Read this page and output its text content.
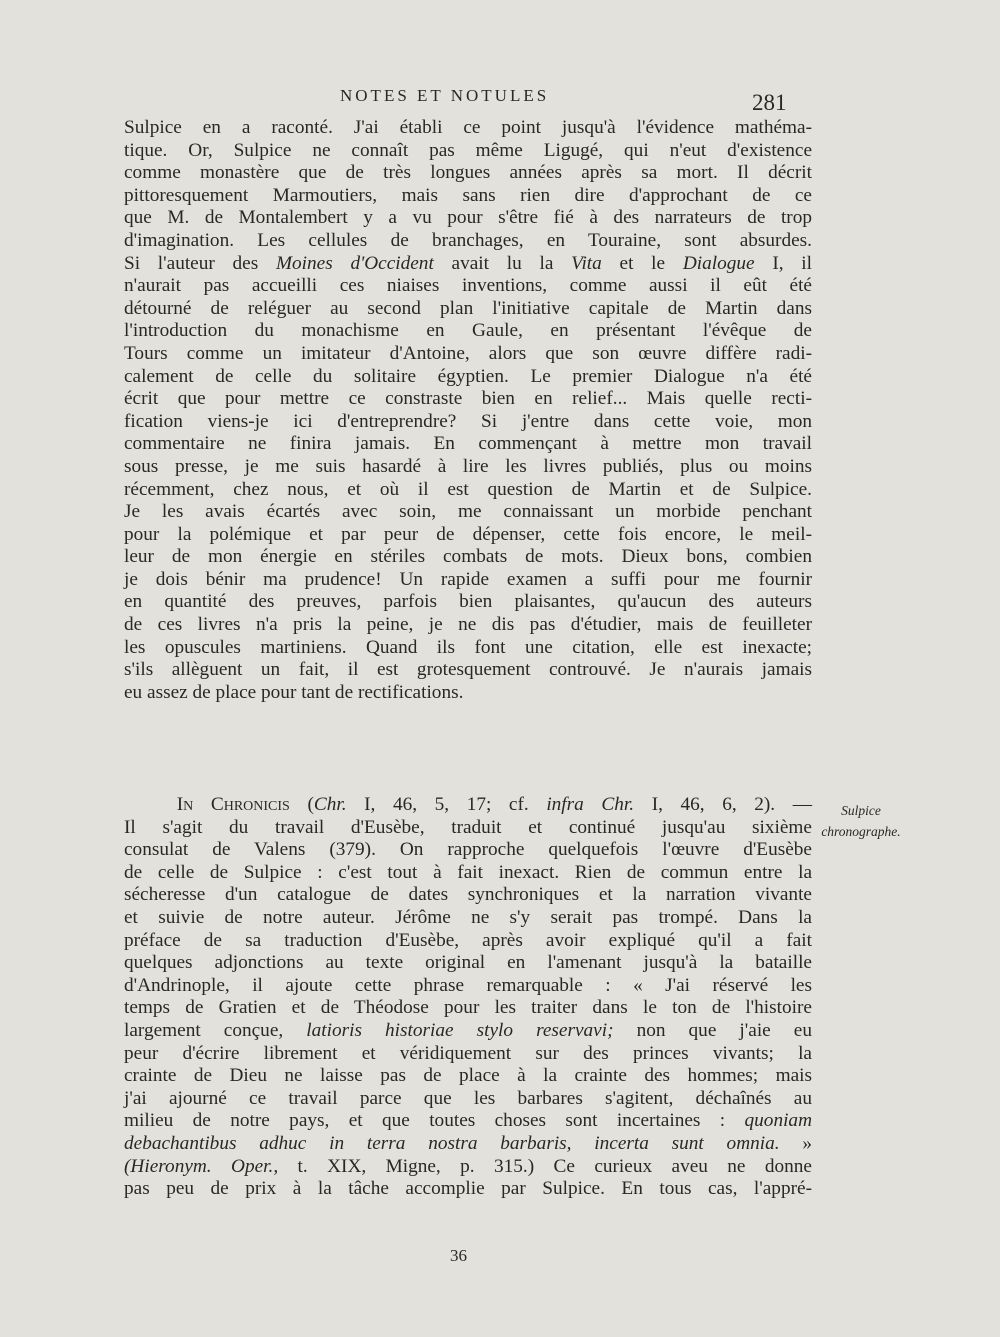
NOTES ET NOTULES	281
Sulpice en a raconté. J'ai établi ce point jusqu'à l'évidence mathéma-
tique. Or, Sulpice ne connaît pas même Ligugé, qui n'eut d'existence
comme monastère que de très longues années après sa mort. Il décrit
pittoresquement Marmoutiers, mais sans rien dire d'approchant de ce
que M. de Montalembert y a vu pour s'être fié à des narrateurs de trop
d'imagination. Les cellules de branchages, en Touraine, sont absurdes.
Si l'auteur des Moines d'Occident avait lu la Vita et le Dialogue I, il
n'aurait pas accueilli ces niaises inventions, comme aussi il eût été
détourné de reléguer au second plan l'initiative capitale de Martin dans
l'introduction du monachisme en Gaule, en présentant l'évêque de
Tours comme un imitateur d'Antoine, alors que son œuvre diffère radi-
calement de celle du solitaire égyptien. Le premier Dialogue n'a été
écrit que pour mettre ce constraste bien en relief... Mais quelle recti-
fication viens-je ici d'entreprendre? Si j'entre dans cette voie, mon
commentaire ne finira jamais. En commençant à mettre mon travail
sous presse, je me suis hasardé à lire les livres publiés, plus ou moins
récemment, chez nous, et où il est question de Martin et de Sulpice.
Je les avais écartés avec soin, me connaissant un morbide penchant
pour la polémique et par peur de dépenser, cette fois encore, le meil-
leur de mon énergie en stériles combats de mots. Dieux bons, combien
je dois bénir ma prudence! Un rapide examen a suffi pour me fournir
en quantité des preuves, parfois bien plaisantes, qu'aucun des auteurs
de ces livres n'a pris la peine, je ne dis pas d'étudier, mais de feuilleter
les opuscules martiniens. Quand ils font une citation, elle est inexacte;
s'ils allèguent un fait, il est grotesquement controuvé. Je n'aurais jamais
eu assez de place pour tant de rectifications.
In Chronicis (Chr. I, 46, 5, 17; cf. infra Chr. I, 46, 6, 2). —
Il s'agit du travail d'Eusèbe, traduit et continué jusqu'au sixième
consulat de Valens (379). On rapproche quelquefois l'œuvre d'Eusèbe
de celle de Sulpice : c'est tout à fait inexact. Rien de commun entre la
sécheresse d'un catalogue de dates synchroniques et la narration vivante
et suivie de notre auteur. Jérôme ne s'y serait pas trompé. Dans la
préface de sa traduction d'Eusèbe, après avoir expliqué qu'il a fait
quelques adjonctions au texte original en l'amenant jusqu'à la bataille
d'Andrinople, il ajoute cette phrase remarquable : « J'ai réservé les
temps de Gratien et de Théodose pour les traiter dans le ton de l'histoire
largement conçue, latioris historiae stylo reservavi; non que j'aie eu
peur d'écrire librement et véridiquement sur des princes vivants; la
crainte de Dieu ne laisse pas de place à la crainte des hommes; mais
j'ai ajourné ce travail parce que les barbares s'agitent, déchaînés au
milieu de notre pays, et que toutes choses sont incertaines : quoniam
debachantibus adhuc in terra nostra barbaris, incerta sunt omnia. »
(Hieronym. Oper., t. XIX, Migne, p. 315.) Ce curieux aveu ne donne
pas peu de prix à la tâche accomplie par Sulpice. En tous cas, l'appré-
Sulpice
chronographe.
36
